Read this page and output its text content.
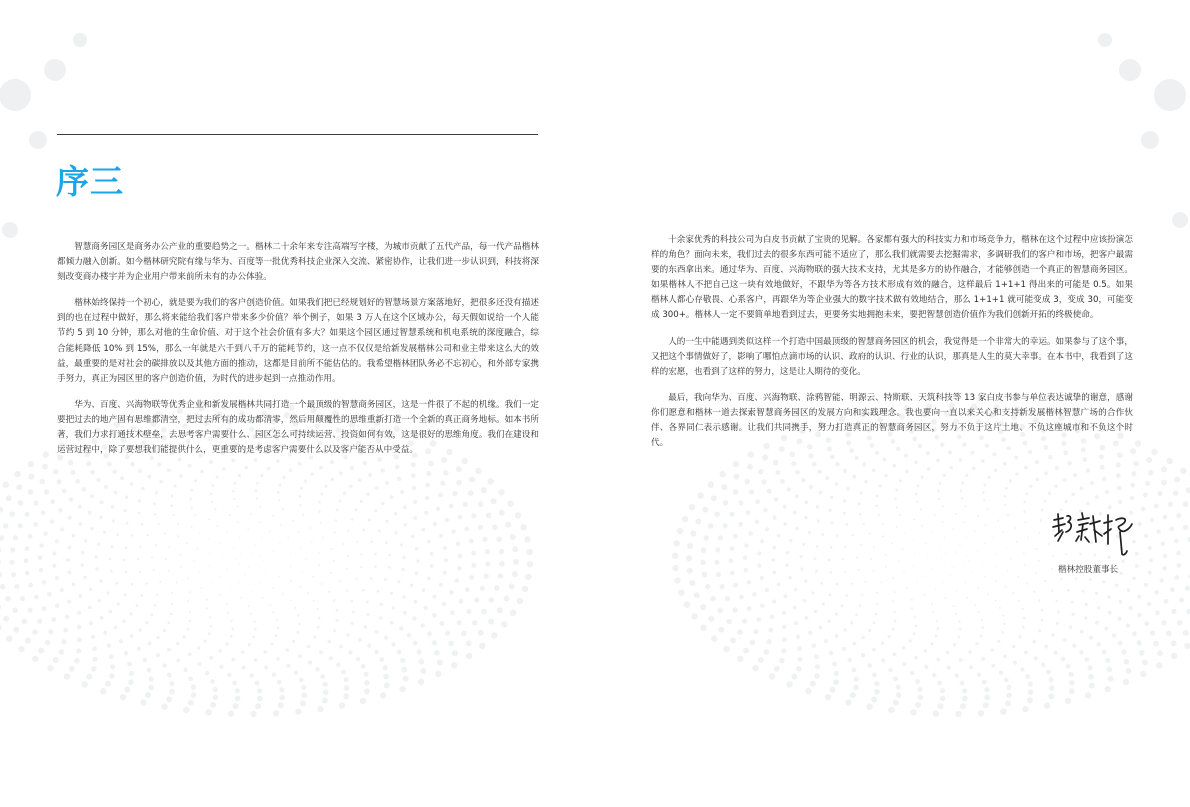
序三

智慧商务园区是商务办公产业的重要趋势之一。楷林二十余年来专注高端写字楼，为城市贡献了五代产品，每一代产品楷林都倾力融入创新。如今楷林研究院有缘与华为、百度等一批优秀科技企业深入交流、紧密协作，让我们进一步认识到，科技将深刻改变商办楼宇并为企业用户带来前所未有的办公体验。

楷林始终保持一个初心，就是要为我们的客户创造价值。如果我们把已经规划好的智慧场景方案落地好，把很多还没有描述到的也在过程中做好，那么将来能给我们客户带来多少价值？举个例子，如果 3 万人在这个区域办公，每天假如说给一个人能节约 5 到 10 分钟，那么对他的生命价值、对于这个社会价值有多大？如果这个园区通过智慧系统和机电系统的深度融合，综合能耗降低 10% 到 15%，那么一年就是六千到八千万的能耗节约，这一点不仅仅是给新发展楷林公司和业主带来这么大的效益，最重要的是对社会的碳排放以及其他方面的推动，这都是目前所不能估估的。我希望楷林团队务必不忘初心，和外部专家携手努力，真正为园区里的客户创造价值，为时代的进步起到一点推动作用。

华为、百度、兴海物联等优秀企业和新发展楷林共同打造一个最顶级的智慧商务园区，这是一件很了不起的机缘。我们一定要把过去的地产固有思维都清空，把过去所有的成功都清零，然后用颠覆性的思维重新打造一个全新的真正商务地标。如本书所著，我们力求打通技术壁垒，去思考客户需要什么、园区怎么可持续运营、投资如何有效，这是很好的思维角度。我们在建设和运营过程中，除了要想我们能提供什么，更重要的是考虑客户需要什么以及客户能否从中受益。

十余家优秀的科技公司为白皮书贡献了宝贵的见解。各家都有强大的科技实力和市场竞争力，楷林在这个过程中应该扮演怎样的角色？面向未来，我们过去的很多东西可能不适应了，那么我们就需要去挖掘需求，多调研我们的客户和市场，把客户最需要的东西拿出来。通过华为、百度、兴海物联的强大技术支持，尤其是多方的协作融合，才能够创造一个真正的智慧商务园区。如果楷林人不把自己这一块有效地做好，不跟华为等各方技术形成有效的融合，这样最后 1+1+1 得出来的可能是 0.5。如果楷林人都心存敬畏、心系客户，再跟华为等企业强大的数字技术做有效地结合，那么 1+1+1 就可能变成 3，变成 30，可能变成 300+。楷林人一定不要简单地看到过去，更要务实地拥抱未来，要把智慧创造价值作为我们创新开拓的终极使命。

人的一生中能遇到类似这样一个打造中国最顶级的智慧商务园区的机会，我觉得是一个非常大的幸运。如果参与了这个事，又把这个事情做好了，影响了哪怕点滴市场的认识、政府的认识、行业的认识，那真是人生的莫大幸事。在本书中，我看到了这样的宏愿，也看到了这样的努力，这是让人期待的变化。

最后，我向华为、百度、兴海物联、涂鸦智能、明源云、特斯联、天筑科技等 13 家白皮书参与单位表达诚挚的谢意，感谢你们愿意和楷林一道去探索智慧商务园区的发展方向和实践理念。我也要向一直以来关心和支持新发展楷林智慧广场的合作伙伴、各界同仁表示感谢。让我们共同携手，努力打造真正的智慧商务园区，努力不负于这片土地、不负这座城市和不负这个时代。

楷林控股董事长
